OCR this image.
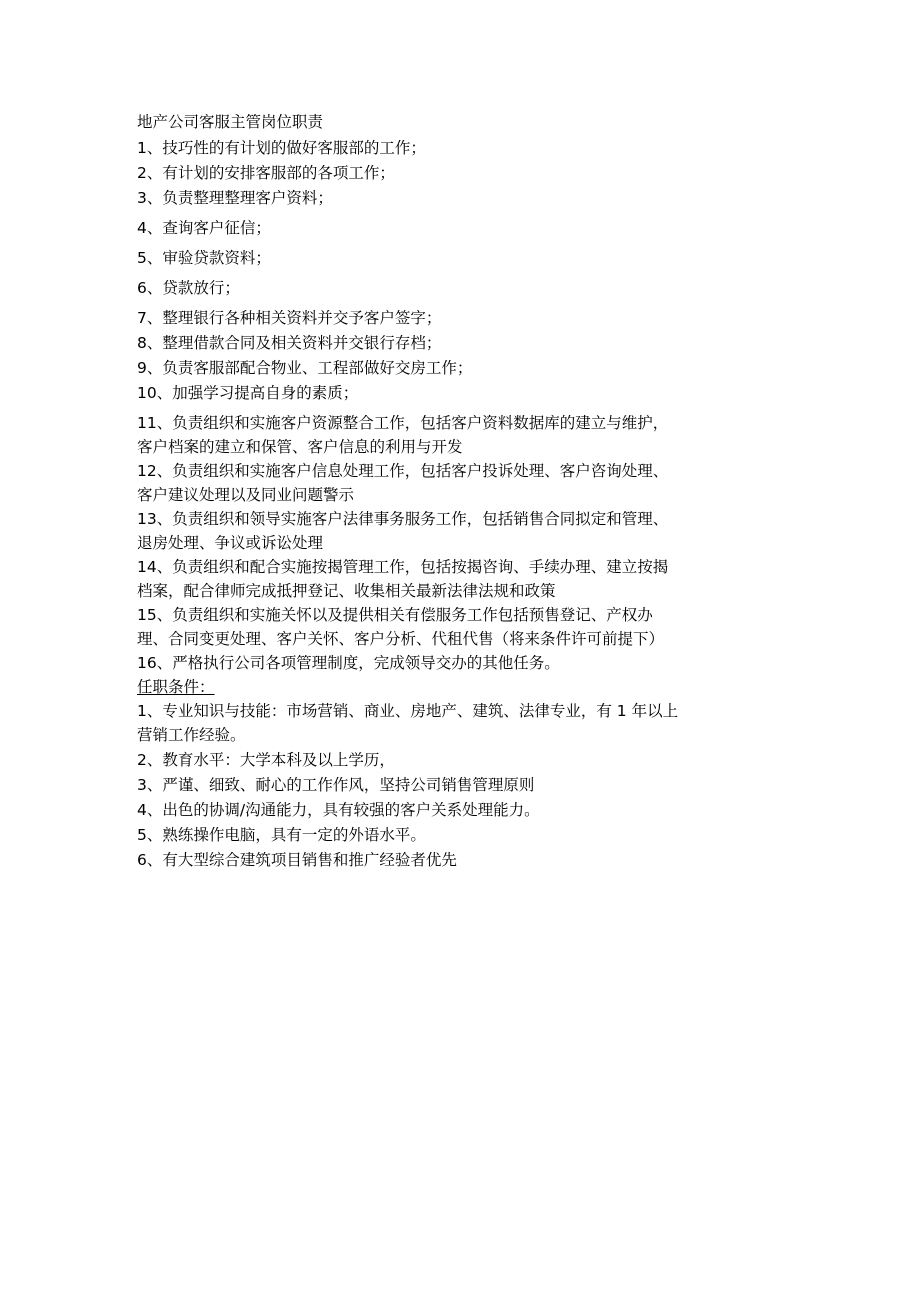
地产公司客服主管岗位职责

1、技巧性的有计划的做好客服部的工作；

2、有计划的安排客服部的各项工作；

3、负责整理整理客户资料；

4、查询客户征信；

5、审验贷款资料；

6、贷款放行；

7、整理银行各种相关资料并交予客户签字；

8、整理借款合同及相关资料并交银行存档；

9、负责客服部配合物业、工程部做好交房工作；

10、加强学习提高自身的素质；

11、负责组织和实施客户资源整合工作，包括客户资料数据库的建立与维护，

客户档案的建立和保管、客户信息的利用与开发

12、负责组织和实施客户信息处理工作，包括客户投诉处理、客户咨询处理、

客户建议处理以及同业问题警示

13、负责组织和领导实施客户法律事务服务工作，包括销售合同拟定和管理、

退房处理、争议或诉讼处理

14、负责组织和配合实施按揭管理工作，包括按揭咨询、手续办理、建立按揭

档案，配合律师完成抵押登记、收集相关最新法律法规和政策

15、负责组织和实施关怀以及提供相关有偿服务工作包括预售登记、产权办

理、合同变更处理、客户关怀、客户分析、代租代售（将来条件许可前提下）

16、严格执行公司各项管理制度，完成领导交办的其他任务。

任职条件：

1、专业知识与技能：市场营销、商业、房地产、建筑、法律专业，有 1 年以上

营销工作经验。

2、教育水平：大学本科及以上学历，

3、严谨、细致、耐心的工作作风，坚持公司销售管理原则

4、出色的协调/沟通能力，具有较强的客户关系处理能力。

5、熟练操作电脑，具有一定的外语水平。

6、有大型综合建筑项目销售和推广经验者优先
